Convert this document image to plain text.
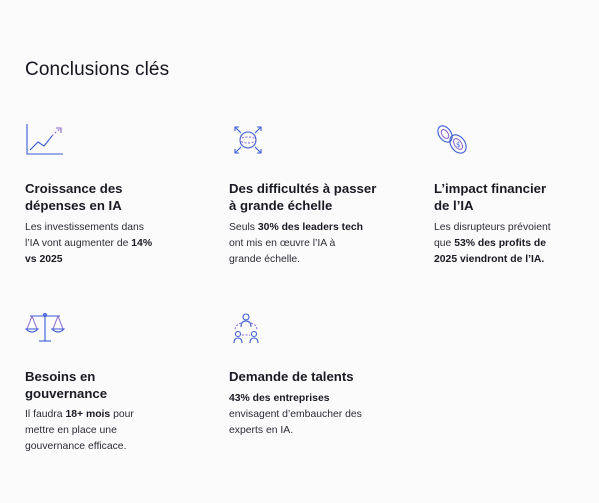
Conclusions clés
Croissance des dépenses en IA
Les investissements dans l’IA vont augmenter de 14% vs 2025
Des difficultés à passer à grande échelle
Seuls 30% des leaders tech ont mis en œuvre l’IA à grande échelle.
$
L’impact financier de l’IA
Les disrupteurs prévoient que 53% des profits de 2025 viendront de l’IA.
Besoins en gouvernance
Il faudra 18+ mois pour mettre en place une gouvernance efficace.
Demande de talents
43% des entreprises envisagent d’embaucher des experts en IA.
